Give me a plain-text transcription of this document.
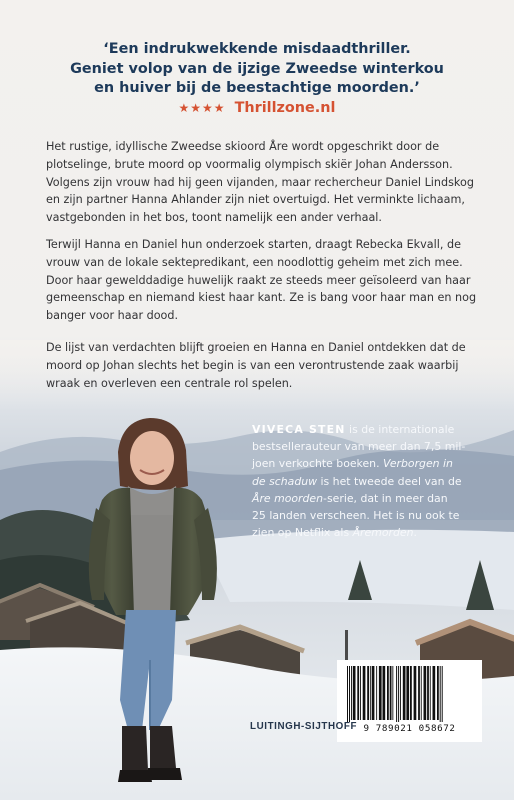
‘Een indrukwekkende misdaadthriller.
Geniet volop van de ijzige Zweedse winterkou
en huiver bij de beestachtige moorden.’
★★★★ Thrillzone.nl
Het rustige, idyllische Zweedse skioord Åre wordt opgeschrikt door de
plotselinge, brute moord op voormalig olympisch skiër Johan Andersson.
Volgens zijn vrouw had hij geen vijanden, maar rechercheur Daniel Lindskog
en zijn partner Hanna Ahlander zijn niet overtuigd. Het verminkte lichaam,
vastgebonden in het bos, toont namelijk een ander verhaal.
Terwijl Hanna en Daniel hun onderzoek starten, draagt Rebecka Ekvall, de
vrouw van de lokale sektepredikant, een noodlottig geheim met zich mee.
Door haar gewelddadige huwelijk raakt ze steeds meer geïsoleerd van haar
gemeenschap en niemand kiest haar kant. Ze is bang voor haar man en nog
banger voor haar dood.
De lijst van verdachten blijft groeien en Hanna en Daniel ontdekken dat de
moord op Johan slechts het begin is van een verontrustende zaak waarbij
wraak en overleven een centrale rol spelen.
VIVECA STEN is de internationale
bestsellerauteur van meer dan 7,5 mil-
joen verkochte boeken. Verborgen in
de schaduw is het tweede deel van de
Åre moorden-serie, dat in meer dan
25 landen verscheen. Het is nu ook te
zien op Netflix als Åremorden.
9 789021 058672
LUITINGH-SIJTHOFF
